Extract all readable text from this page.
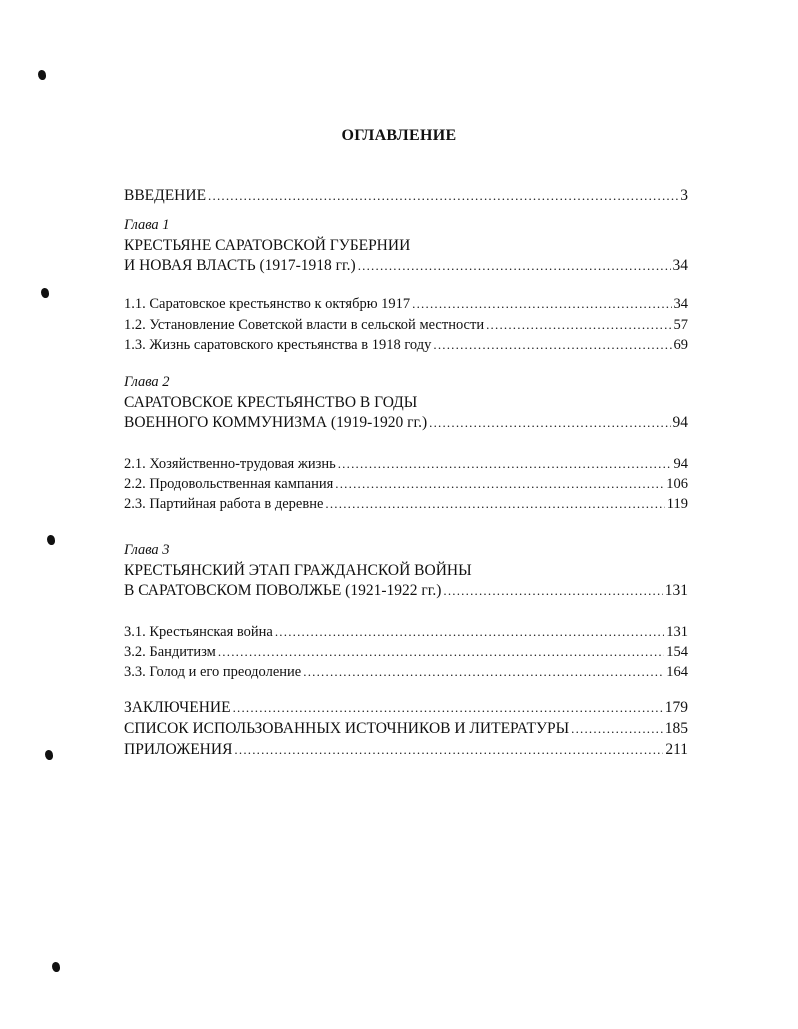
ОГЛАВЛЕНИЕ
ВВЕДЕНИЕ .....	3
Глава 1
КРЕСТЬЯНЕ САРАТОВСКОЙ ГУБЕРНИИ
И НОВАЯ ВЛАСТЬ (1917-1918 гг.) .....	34
1.1. Саратовское крестьянство к октябрю 1917 .....	34
1.2. Установление Советской власти в сельской местности .....	57
1.3. Жизнь саратовского крестьянства в 1918 году .....	69
Глава 2
САРАТОВСКОЕ КРЕСТЬЯНСТВО В ГОДЫ
ВОЕННОГО КОММУНИЗМА (1919-1920 гг.) .....	94
2.1. Хозяйственно-трудовая жизнь .....	94
2.2. Продовольственная кампания .....	106
2.3. Партийная работа в деревне .....	119
Глава 3
КРЕСТЬЯНСКИЙ ЭТАП ГРАЖДАНСКОЙ ВОЙНЫ
В САРАТОВСКОМ ПОВОЛЖЬЕ (1921-1922 гг.) .....	131
3.1. Крестьянская война .....	131
3.2. Бандитизм .....	154
3.3. Голод и его преодоление .....	164
ЗАКЛЮЧЕНИЕ .....	179
СПИСОК ИСПОЛЬЗОВАННЫХ ИСТОЧНИКОВ И ЛИТЕРАТУРЫ .....	185
ПРИЛОЖЕНИЯ .....	211
